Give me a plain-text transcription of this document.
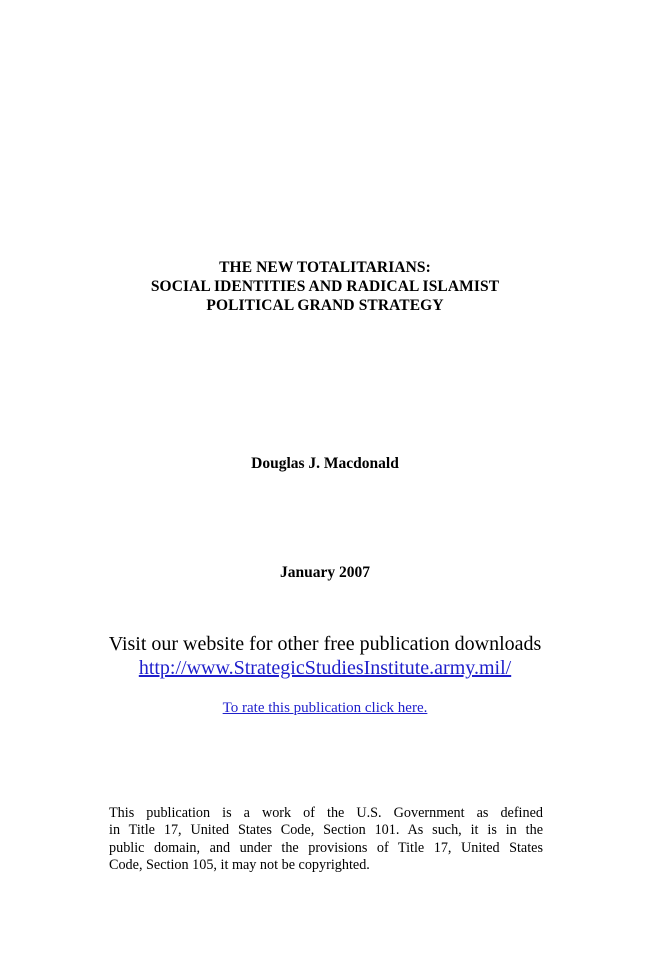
THE NEW TOTALITARIANS:
SOCIAL IDENTITIES AND RADICAL ISLAMIST
POLITICAL GRAND STRATEGY
Douglas J. Macdonald
January 2007
Visit our website for other free publication downloads
http://www.StrategicStudiesInstitute.army.mil/
To rate this publication click here.
This publication is a work of the U.S. Government as defined
in Title 17, United States Code, Section 101. As such, it is in the
public domain, and under the provisions of Title 17, United States
Code, Section 105, it may not be copyrighted.
